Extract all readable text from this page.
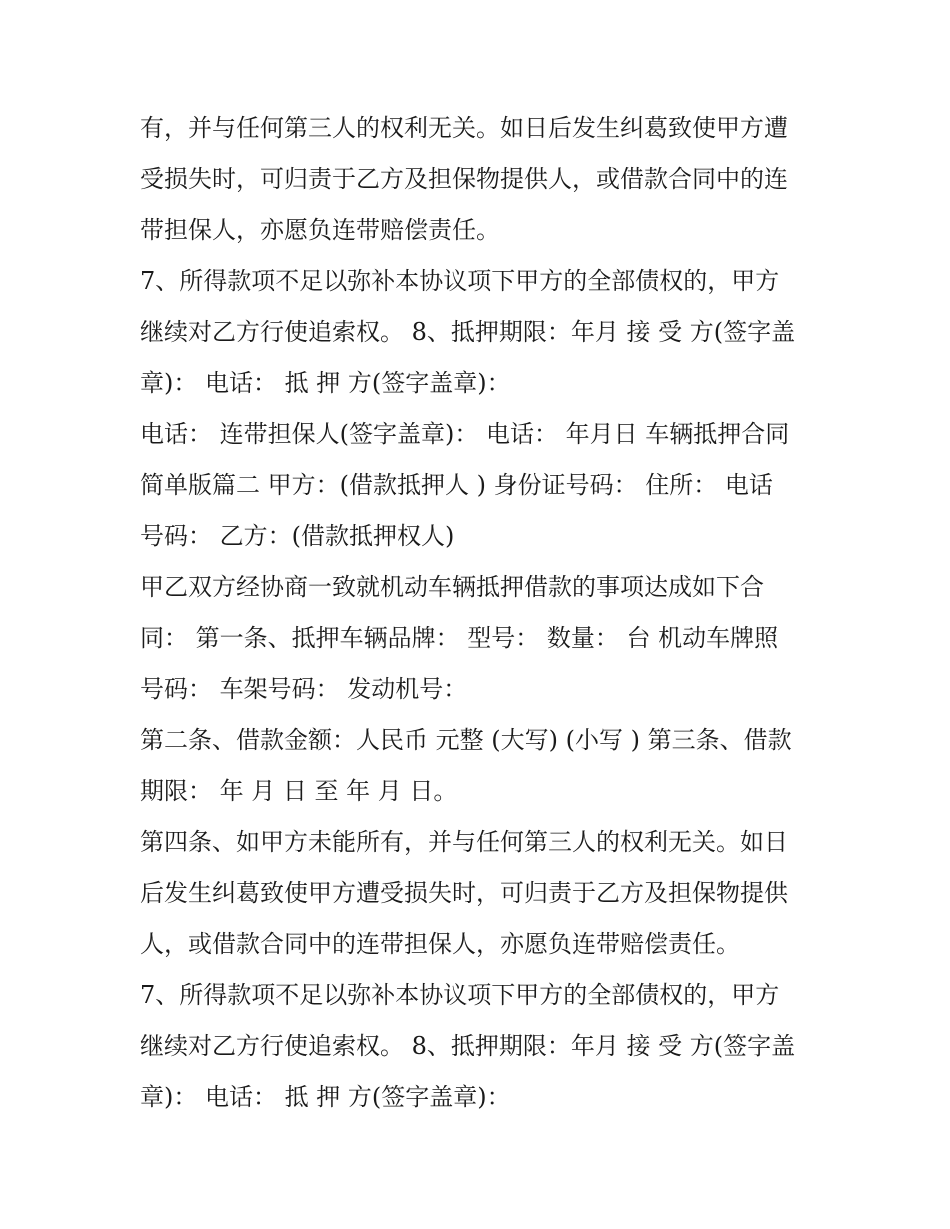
有，并与任何第三人的权利无关。如日后发生纠葛致使甲方遭
受损失时，可归责于乙方及担保物提供人，或借款合同中的连
带担保人，亦愿负连带赔偿责任。
7、所得款项不足以弥补本协议项下甲方的全部债权的，甲方
继续对乙方行使追索权。 8、抵押期限：年月 接 受 方(签字盖
章)： 电话： 抵 押 方(签字盖章)：
电话： 连带担保人(签字盖章)： 电话： 年月日 车辆抵押合同
简单版篇二 甲方：(借款抵押人 ) 身份证号码： 住所： 电话
号码： 乙方：(借款抵押权人)
甲乙双方经协商一致就机动车辆抵押借款的事项达成如下合
同： 第一条、抵押车辆品牌： 型号： 数量： 台 机动车牌照
号码： 车架号码： 发动机号：
第二条、借款金额：人民币 元整 (大写) (小写 ) 第三条、借款
期限： 年 月 日 至 年 月 日。
第四条、如甲方未能所有，并与任何第三人的权利无关。如日
后发生纠葛致使甲方遭受损失时，可归责于乙方及担保物提供
人，或借款合同中的连带担保人，亦愿负连带赔偿责任。
7、所得款项不足以弥补本协议项下甲方的全部债权的，甲方
继续对乙方行使追索权。 8、抵押期限：年月 接 受 方(签字盖
章)： 电话： 抵 押 方(签字盖章)：
